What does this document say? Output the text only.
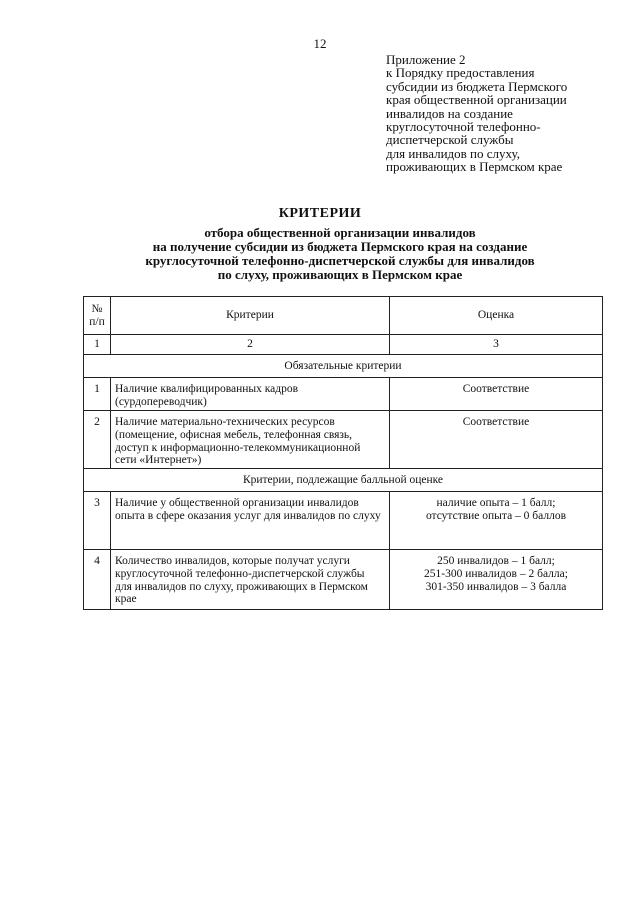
12
Приложение 2
к Порядку предоставления
субсидии из бюджета Пермского
края общественной организации
инвалидов на создание
круглосуточной телефонно-
диспетчерской службы
для инвалидов по слуху,
проживающих в Пермском крае
КРИТЕРИИ
отбора общественной организации инвалидов
на получение субсидии из бюджета Пермского края на создание
круглосуточной телефонно-диспетчерской службы для инвалидов
по слуху, проживающих в Пермском крае
№
п/п	Критерии	Оценка
1	2	3
Обязательные критерии		
1	Наличие квалифицированных кадров
(сурдопереводчик)	Соответствие

2	Наличие материально-технических ресурсов
(помещение, офисная мебель, телефонная связь,
доступ к информационно-телекоммуникационной
сети «Интернет»)	Соответствие

Критерии, подлежащие балльной оценке		
3	Наличие у общественной организации инвалидов
опыта в сфере оказания услуг для инвалидов по слуху	наличие опыта – 1 балл;
отсутствие опыта – 0 баллов

4	Количество инвалидов, которые получат услуги
круглосуточной телефонно-диспетчерской службы
для инвалидов по слуху, проживающих в Пермском
крае	250 инвалидов – 1 балл;
251-300 инвалидов – 2 балла;
301-350 инвалидов – 3 балла
